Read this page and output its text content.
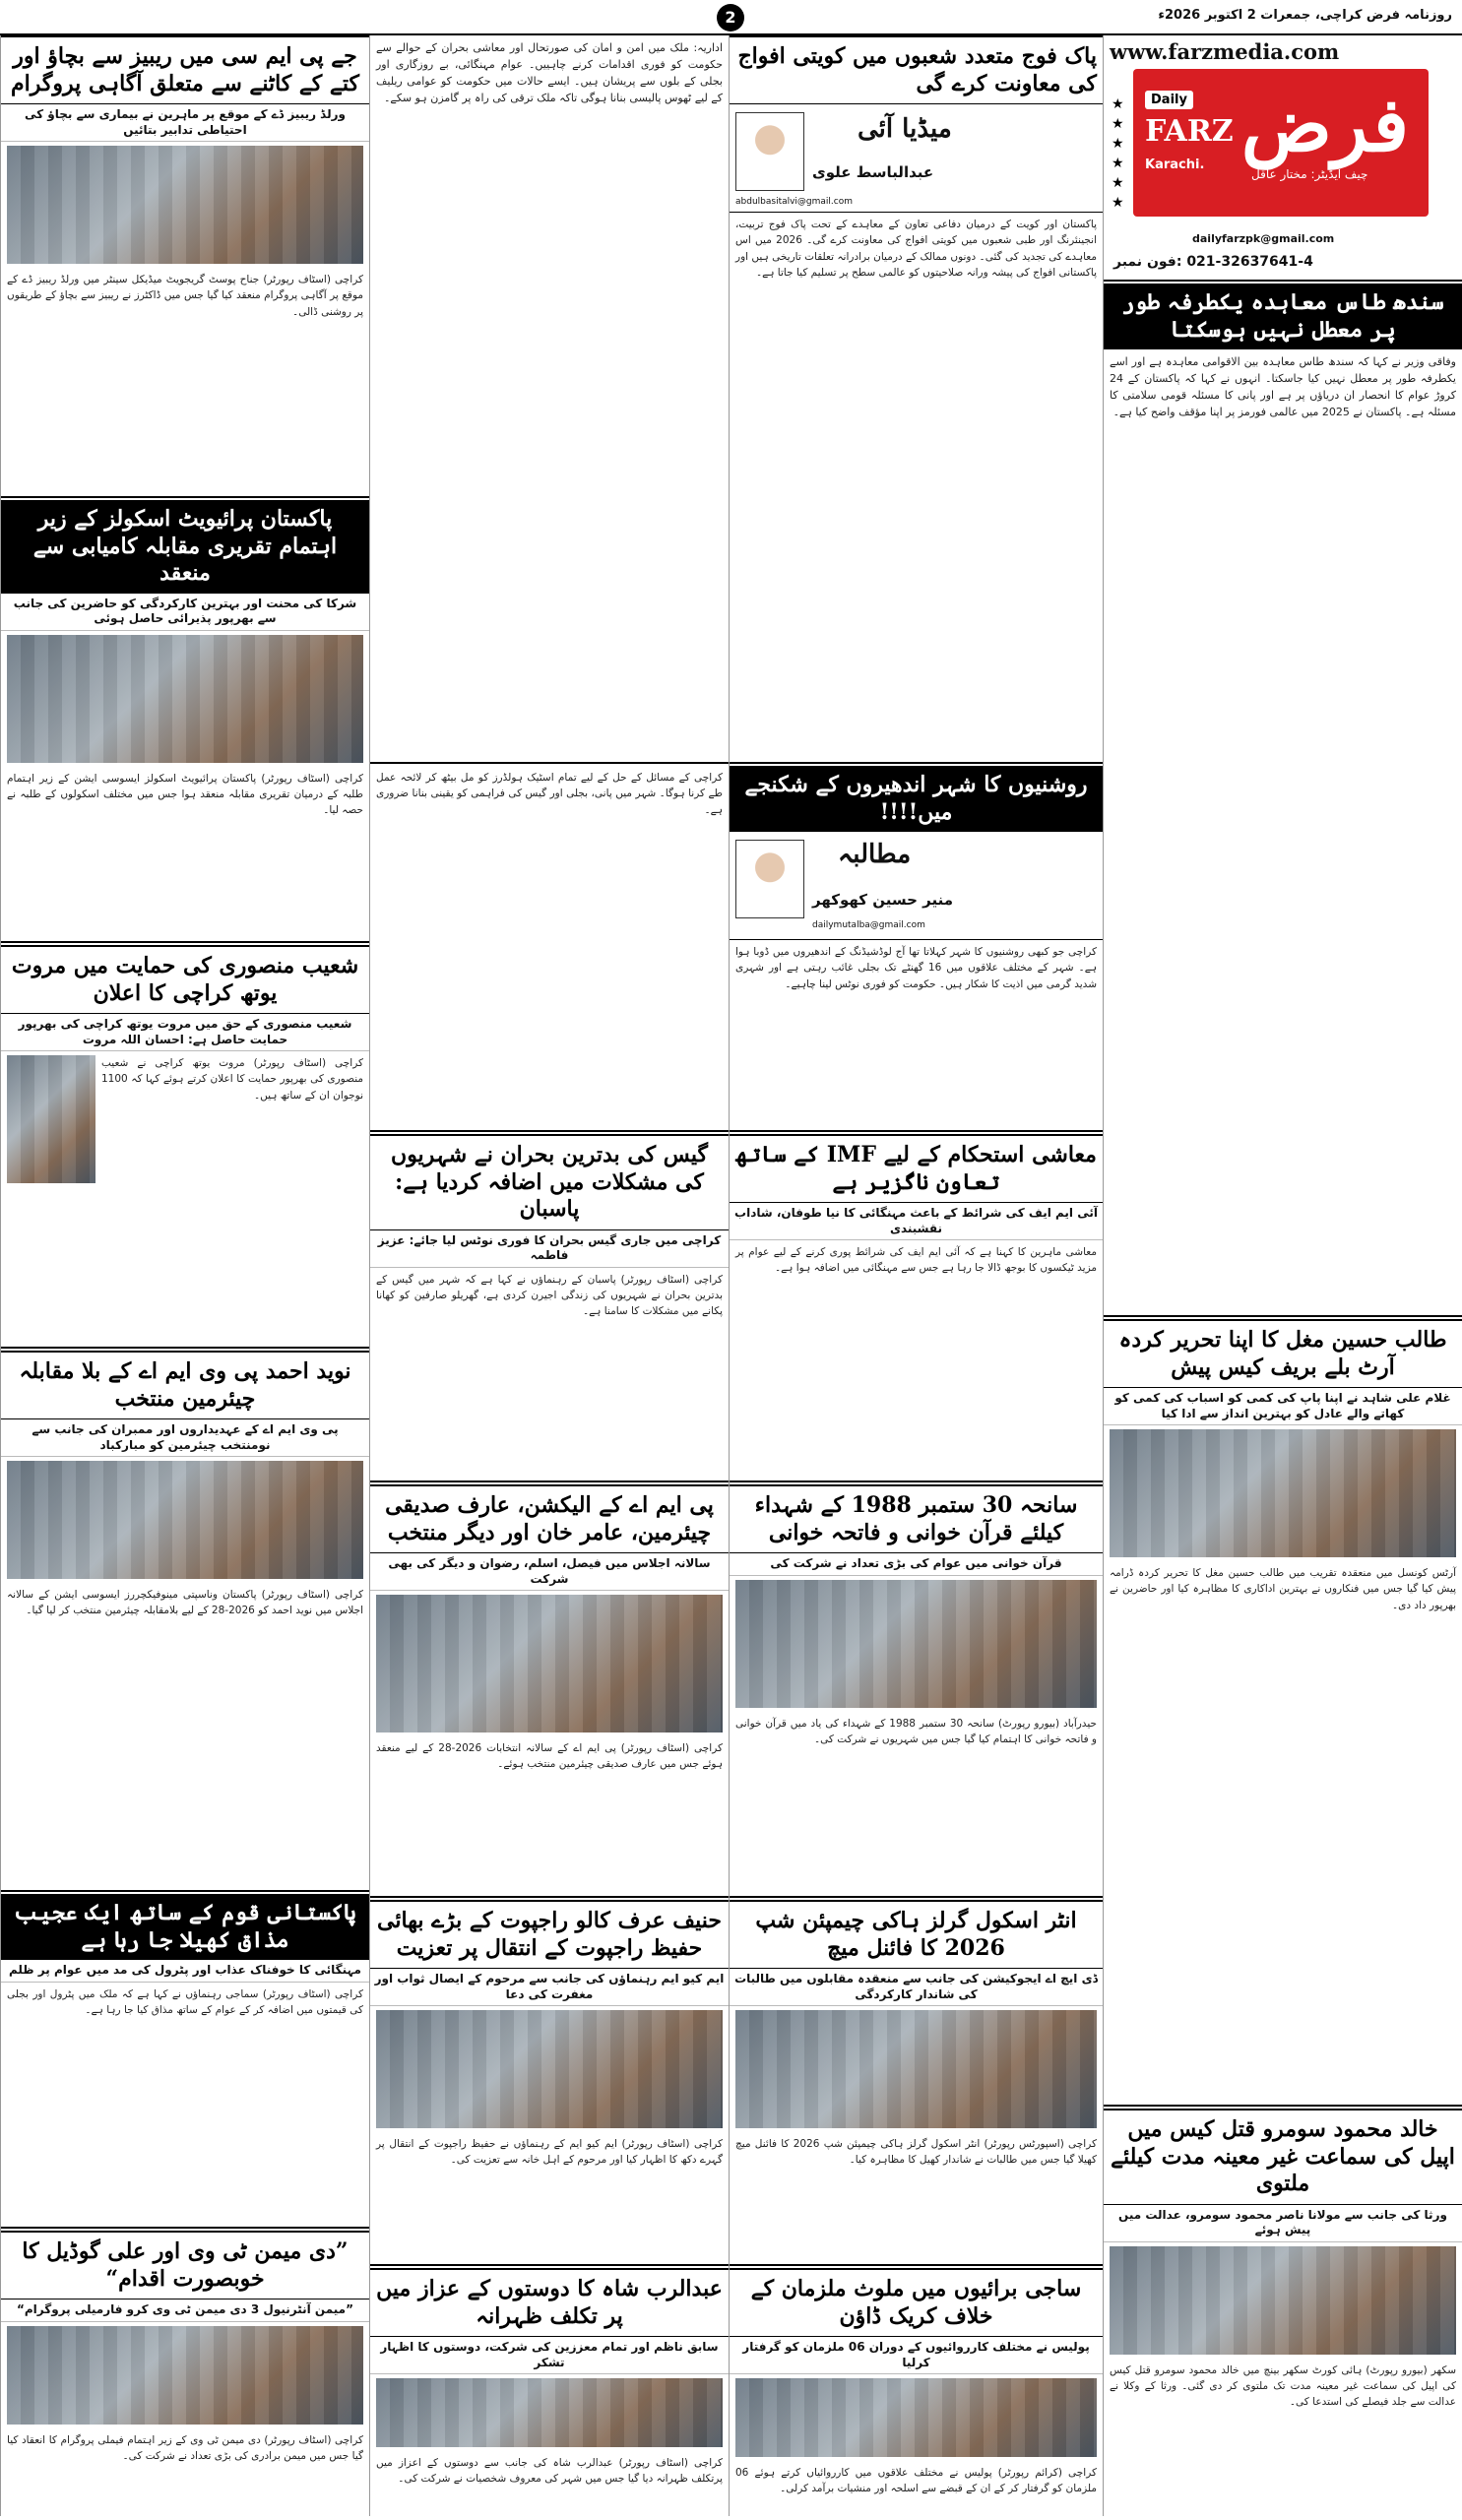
2	روزنامہ فرض کراچی، جمعرات 2 اکتوبر 2026ء
www.farzmedia.com
★
★
★
★
★
★
فرض
Daily
FARZ
Karachi.
چیف ایڈیٹر: مختار عاقل
dailyfarzpk@gmail.com
021-32637641-4 :فون نمبر
سندھ طاس معاہدہ یکطرفہ طور پر معطل نہیں ہوسکتا
وفاقی وزیر نے کہا کہ سندھ طاس معاہدہ بین الاقوامی معاہدہ ہے اور اسے یکطرفہ طور پر معطل نہیں کیا جاسکتا۔ انہوں نے کہا کہ پاکستان کے 24 کروڑ عوام کا انحصار ان دریاؤں پر ہے اور پانی کا مسئلہ قومی سلامتی کا مسئلہ ہے۔ پاکستان نے 2025 میں عالمی فورمز پر اپنا مؤقف واضح کیا ہے۔
طالب حسین مغل کا اپنا تحریر کردہ آرٹ بلے بریف کیس پیش
غلام علی شاہد نے اپنا پاپ کی کمی کو اسباب کی کمی کو کھاتے والے عادل کو بہترین انداز سے ادا کیا
آرٹس کونسل میں منعقدہ تقریب میں طالب حسین مغل کا تحریر کردہ ڈرامہ پیش کیا گیا جس میں فنکاروں نے بہترین اداکاری کا مظاہرہ کیا اور حاضرین نے بھرپور داد دی۔
خالد محمود سومرو قتل کیس میں اپیل کی سماعت غیر معینہ مدت کیلئے ملتوی
ورثا کی جانب سے مولانا ناصر محمود سومرو، عدالت میں پیش ہوئے
سکھر (بیورو رپورٹ) ہائی کورٹ سکھر بینچ میں خالد محمود سومرو قتل کیس کی اپیل کی سماعت غیر معینہ مدت تک ملتوی کر دی گئی۔ ورثا کے وکلا نے عدالت سے جلد فیصلے کی استدعا کی۔
پاک فوج متعدد شعبوں میں کویتی افواج کی معاونت کرے گی
میڈیا آئی
عبدالباسط علوی
abdulbasitalvi@gmail.com
پاکستان اور کویت کے درمیان دفاعی تعاون کے معاہدے کے تحت پاک فوج تربیت، انجینئرنگ اور طبی شعبوں میں کویتی افواج کی معاونت کرے گی۔ 2026 میں اس معاہدے کی تجدید کی گئی۔ دونوں ممالک کے درمیان برادرانہ تعلقات تاریخی ہیں اور پاکستانی افواج کی پیشہ ورانہ صلاحیتوں کو عالمی سطح پر تسلیم کیا جاتا ہے۔
روشنیوں کا شہر اندھیروں کے شکنجے میں!!!!
مطالبہ
منیر حسین کھوکھر
dailymutalba@gmail.com
کراچی جو کبھی روشنیوں کا شہر کہلاتا تھا آج لوڈشیڈنگ کے اندھیروں میں ڈوبا ہوا ہے۔ شہر کے مختلف علاقوں میں 16 گھنٹے تک بجلی غائب رہتی ہے اور شہری شدید گرمی میں اذیت کا شکار ہیں۔ حکومت کو فوری نوٹس لینا چاہیے۔
معاشی استحکام کے لیے IMF کے ساتھ تعاون ناگزیر ہے
آئی ایم ایف کی شرائط کے باعث مہنگائی کا نیا طوفان، شاداب نقشبندی
معاشی ماہرین کا کہنا ہے کہ آئی ایم ایف کی شرائط پوری کرنے کے لیے عوام پر مزید ٹیکسوں کا بوجھ ڈالا جا رہا ہے جس سے مہنگائی میں اضافہ ہوا ہے۔
سانحہ 30 ستمبر 1988 کے شہداء کیلئے قرآن خوانی و فاتحہ خوانی
قرآن خوانی میں عوام کی بڑی تعداد نے شرکت کی
حیدرآباد (بیورو رپورٹ) سانحہ 30 ستمبر 1988 کے شہداء کی یاد میں قرآن خوانی و فاتحہ خوانی کا اہتمام کیا گیا جس میں شہریوں نے شرکت کی۔
انٹر اسکول گرلز ہاکی چیمپئن شپ 2026 کا فائنل میچ
ڈی ایچ اے ایجوکیشن کی جانب سے منعقدہ مقابلوں میں طالبات کی شاندار کارکردگی
کراچی (اسپورٹس رپورٹر) انٹر اسکول گرلز ہاکی چیمپئن شپ 2026 کا فائنل میچ کھیلا گیا جس میں طالبات نے شاندار کھیل کا مظاہرہ کیا۔
ساجی برائیوں میں ملوث ملزمان کے خلاف کریک ڈاؤن
پولیس نے مختلف کارروائیوں کے دوران 06 ملزمان کو گرفتار کرلیا
کراچی (کرائم رپورٹر) پولیس نے مختلف علاقوں میں کارروائیاں کرتے ہوئے 06 ملزمان کو گرفتار کر کے ان کے قبضے سے اسلحہ اور منشیات برآمد کرلی۔
اداریہ: ملک میں امن و امان کی صورتحال اور معاشی بحران کے حوالے سے حکومت کو فوری اقدامات کرنے چاہییں۔ عوام مہنگائی، بے روزگاری اور بجلی کے بلوں سے پریشان ہیں۔ ایسے حالات میں حکومت کو عوامی ریلیف کے لیے ٹھوس پالیسی بنانا ہوگی تاکہ ملک ترقی کی راہ پر گامزن ہو سکے۔
کراچی کے مسائل کے حل کے لیے تمام اسٹیک ہولڈرز کو مل بیٹھ کر لائحہ عمل طے کرنا ہوگا۔ شہر میں پانی، بجلی اور گیس کی فراہمی کو یقینی بنانا ضروری ہے۔
گیس کی بدترین بحران نے شہریوں کی مشکلات میں اضافہ کردیا ہے: پاسبان
کراچی میں جاری گیس بحران کا فوری نوٹس لیا جائے: عزیز فاطمہ
کراچی (اسٹاف رپورٹر) پاسبان کے رہنماؤں نے کہا ہے کہ شہر میں گیس کے بدترین بحران نے شہریوں کی زندگی اجیرن کردی ہے، گھریلو صارفین کو کھانا پکانے میں مشکلات کا سامنا ہے۔
پی ایم اے کے الیکشن، عارف صدیقی چیئرمین، عامر خان اور دیگر منتخب
سالانہ اجلاس میں فیصل، اسلم، رضوان و دیگر کی بھی شرکت
کراچی (اسٹاف رپورٹر) پی ایم اے کے سالانہ انتخابات 2026-28 کے لیے منعقد ہوئے جس میں عارف صدیقی چیئرمین منتخب ہوئے۔
حنیف عرف کالو راجپوت کے بڑے بھائی حفیظ راجپوت کے انتقال پر تعزیت
ایم کیو ایم رہنماؤں کی جانب سے مرحوم کے ایصال ثواب اور مغفرت کی دعا
کراچی (اسٹاف رپورٹر) ایم کیو ایم کے رہنماؤں نے حفیظ راجپوت کے انتقال پر گہرے دکھ کا اظہار کیا اور مرحوم کے اہل خانہ سے تعزیت کی۔
عبدالرب شاہ کا دوستوں کے عزاز میں پر تکلف ظہرانہ
سابق ناظم اور تمام معززین کی شرکت، دوستوں کا اظہار تشکر
کراچی (اسٹاف رپورٹر) عبدالرب شاہ کی جانب سے دوستوں کے اعزاز میں پرتکلف ظہرانہ دیا گیا جس میں شہر کی معروف شخصیات نے شرکت کی۔
جے پی ایم سی میں ریبیز سے بچاؤ اور کتے کے کاٹنے سے متعلق آگاہی پروگرام
ورلڈ ریبیز ڈے کے موقع پر ماہرین نے بیماری سے بچاؤ کی احتیاطی تدابیر بتائیں
کراچی (اسٹاف رپورٹر) جناح پوسٹ گریجویٹ میڈیکل سینٹر میں ورلڈ ریبیز ڈے کے موقع پر آگاہی پروگرام منعقد کیا گیا جس میں ڈاکٹرز نے ریبیز سے بچاؤ کے طریقوں پر روشنی ڈالی۔
پاکستان پرائیویٹ اسکولز کے زیر اہتمام تقریری مقابلہ کامیابی سے منعقد
شرکا کی محنت اور بہترین کارکردگی کو حاضرین کی جانب سے بھرپور پذیرائی حاصل ہوئی
کراچی (اسٹاف رپورٹر) پاکستان پرائیویٹ اسکولز ایسوسی ایشن کے زیر اہتمام طلبہ کے درمیان تقریری مقابلہ منعقد ہوا جس میں مختلف اسکولوں کے طلبہ نے حصہ لیا۔
شعیب منصوری کی حمایت میں مروت یوتھ کراچی کا اعلان
شعیب منصوری کے حق میں مروت یوتھ کراچی کی بھرپور حمایت حاصل ہے: احسان اللہ مروت
کراچی (اسٹاف رپورٹر) مروت یوتھ کراچی نے شعیب منصوری کی بھرپور حمایت کا اعلان کرتے ہوئے کہا کہ 1100 نوجوان ان کے ساتھ ہیں۔
نوید احمد پی وی ایم اے کے بلا مقابلہ چیئرمین منتخب
پی وی ایم اے کے عہدیداروں اور ممبران کی جانب سے نومنتخب چیئرمین کو مبارکباد
کراچی (اسٹاف رپورٹر) پاکستان وناسپتی مینوفیکچررز ایسوسی ایشن کے سالانہ اجلاس میں نوید احمد کو 2026-28 کے لیے بلامقابلہ چیئرمین منتخب کر لیا گیا۔
پاکستانی قوم کے ساتھ ایک عجیب مذاق کھیلا جا رہا ہے
مہنگائی کا خوفناک عذاب اور پٹرول کی مد میں عوام پر ظلم
کراچی (اسٹاف رپورٹر) سماجی رہنماؤں نے کہا ہے کہ ملک میں پٹرول اور بجلی کی قیمتوں میں اضافہ کر کے عوام کے ساتھ مذاق کیا جا رہا ہے۔
”دی میمن ٹی وی اور علی گوڈیل کا خوبصورت اقدام“
”میمن آنٹرنیول 3 دی میمن ٹی وی کرو فارمیلی پروگرام“
کراچی (اسٹاف رپورٹر) دی میمن ٹی وی کے زیر اہتمام فیملی پروگرام کا انعقاد کیا گیا جس میں میمن برادری کی بڑی تعداد نے شرکت کی۔
